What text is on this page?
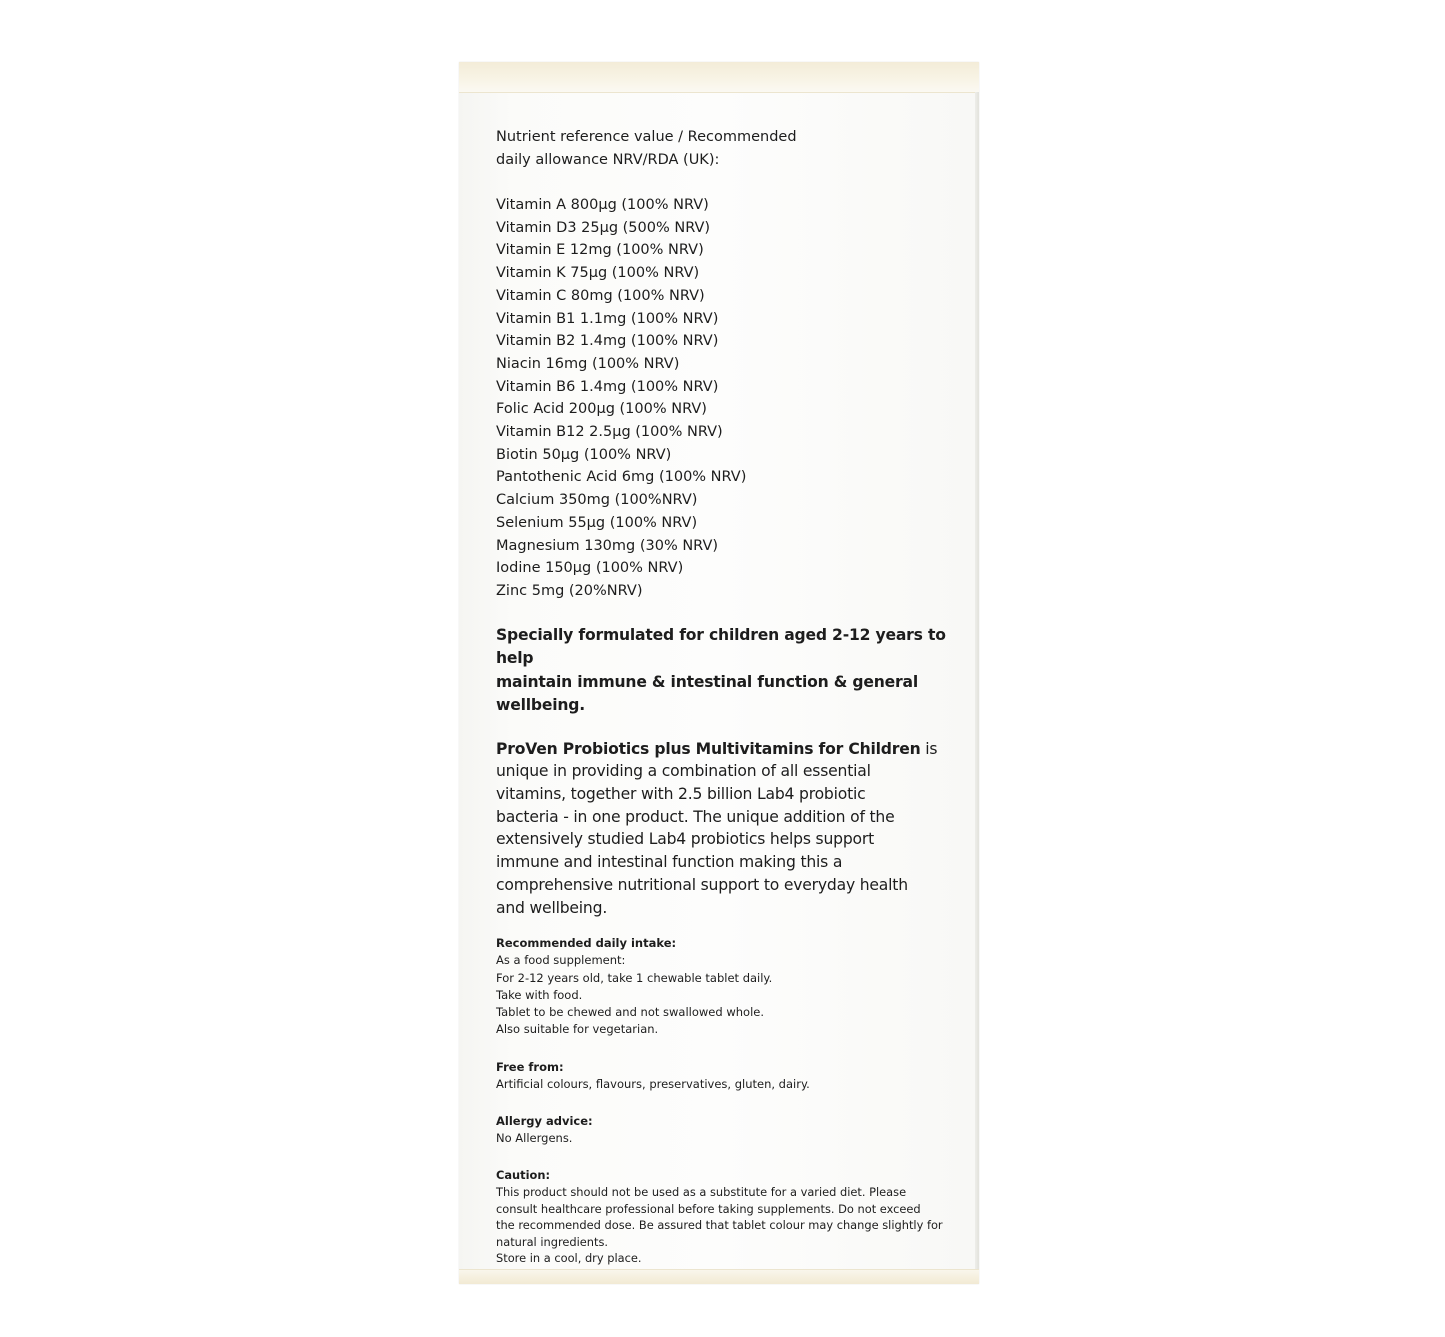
Nutrient reference value / Recommended
daily allowance NRV/RDA (UK):

Vitamin A 800µg (100% NRV)
Vitamin D3 25µg (500% NRV)
Vitamin E 12mg (100% NRV)
Vitamin K 75µg (100% NRV)
Vitamin C 80mg (100% NRV)
Vitamin B1 1.1mg (100% NRV)
Vitamin B2 1.4mg (100% NRV)
Niacin 16mg (100% NRV)
Vitamin B6 1.4mg (100% NRV)
Folic Acid 200µg (100% NRV)
Vitamin B12 2.5µg (100% NRV)
Biotin 50µg (100% NRV)
Pantothenic Acid 6mg (100% NRV)
Calcium 350mg (100%NRV)
Selenium 55µg (100% NRV)
Magnesium 130mg (30% NRV)
Iodine 150µg (100% NRV)
Zinc 5mg (20%NRV)

Specially formulated for children aged 2-12 years to help
maintain immune & intestinal function & general
wellbeing.

ProVen Probiotics plus Multivitamins for Children is
unique in providing a combination of all essential
vitamins, together with 2.5 billion Lab4 probiotic
bacteria - in one product. The unique addition of the
extensively studied Lab4 probiotics helps support
immune and intestinal function making this a
comprehensive nutritional support to everyday health
and wellbeing.

Recommended daily intake:
As a food supplement:
For 2-12 years old, take 1 chewable tablet daily.
Take with food.
Tablet to be chewed and not swallowed whole.
Also suitable for vegetarian.
Free from:
Artificial colours, flavours, preservatives, gluten, dairy.
Allergy advice:
No Allergens.
Caution:
This product should not be used as a substitute for a varied diet. Please
consult healthcare professional before taking supplements. Do not exceed
the recommended dose. Be assured that tablet colour may change slightly for
natural ingredients.
Store in a cool, dry place.
